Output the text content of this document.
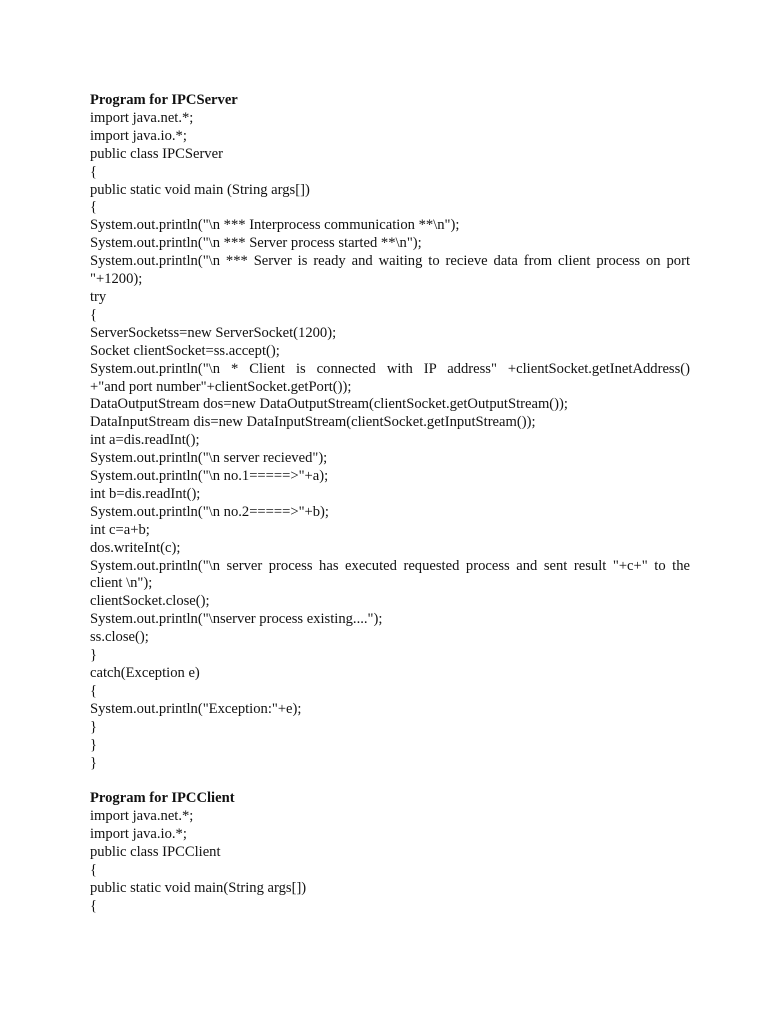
Program for IPCServer
import java.net.*;
import java.io.*;
public class IPCServer
{
public static void main (String args[])
{
System.out.println("\n *** Interprocess communication **\n");
System.out.println("\n *** Server process started **\n");
System.out.println("\n *** Server is ready and waiting to recieve data from client process on port
"+1200);
try
{
ServerSocketss=new ServerSocket(1200);
Socket clientSocket=ss.accept();
System.out.println("\n * Client is connected with IP address" +clientSocket.getInetAddress()
+"and port number"+clientSocket.getPort());
DataOutputStream dos=new DataOutputStream(clientSocket.getOutputStream());
DataInputStream dis=new DataInputStream(clientSocket.getInputStream());
int a=dis.readInt();
System.out.println("\n server recieved");
System.out.println("\n no.1=====>"+a);
int b=dis.readInt();
System.out.println("\n no.2=====>"+b);
int c=a+b;
dos.writeInt(c);
System.out.println("\n server process has executed requested process and sent result "+c+" to the
client \n");
clientSocket.close();
System.out.println("\nserver process existing....");
ss.close();
}
catch(Exception e)
{
System.out.println("Exception:"+e);
}
}
}
Program for IPCClient
import java.net.*;
import java.io.*;
public class IPCClient
{
public static void main(String args[])
{
